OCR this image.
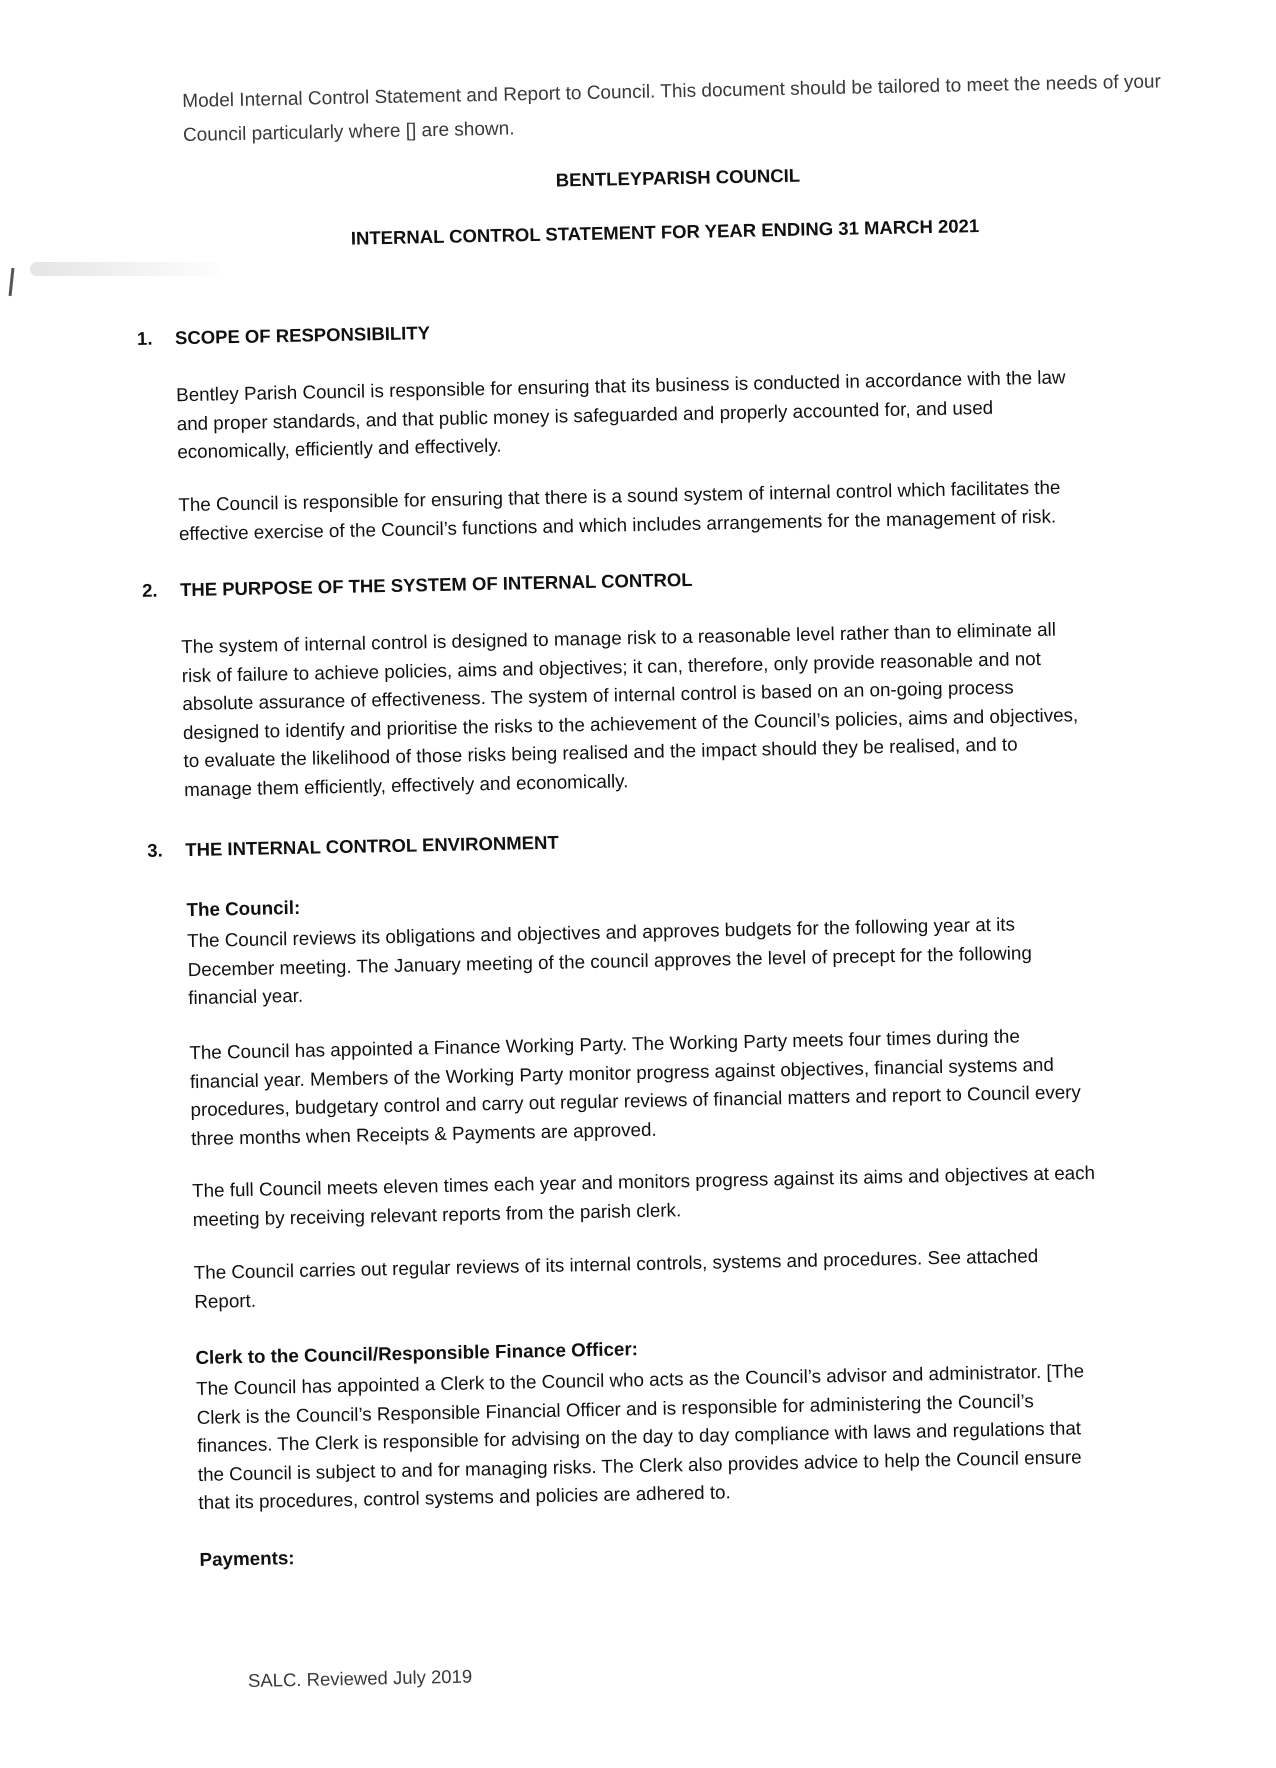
Model Internal Control Statement and Report to Council. This document should be tailored to meet the needs of your Council particularly where [] are shown.
BENTLEYPARISH COUNCIL
INTERNAL CONTROL STATEMENT FOR YEAR ENDING 31 MARCH 2021
1.	SCOPE OF RESPONSIBILITY
Bentley Parish Council is responsible for ensuring that its business is conducted in accordance with the law and proper standards, and that public money is safeguarded and properly accounted for, and used economically, efficiently and effectively.
The Council is responsible for ensuring that there is a sound system of internal control which facilitates the effective exercise of the Council’s functions and which includes arrangements for the management of risk.
2.	THE PURPOSE OF THE SYSTEM OF INTERNAL CONTROL
The system of internal control is designed to manage risk to a reasonable level rather than to eliminate all risk of failure to achieve policies, aims and objectives; it can, therefore, only provide reasonable and not absolute assurance of effectiveness. The system of internal control is based on an on-going process designed to identify and prioritise the risks to the achievement of the Council’s policies, aims and objectives, to evaluate the likelihood of those risks being realised and the impact should they be realised, and to manage them efficiently, effectively and economically.
3.	THE INTERNAL CONTROL ENVIRONMENT
The Council:
The Council reviews its obligations and objectives and approves budgets for the following year at its December meeting. The January meeting of the council approves the level of precept for the following financial year.
The Council has appointed a Finance Working Party. The Working Party meets four times during the financial year. Members of the Working Party monitor progress against objectives, financial systems and procedures, budgetary control and carry out regular reviews of financial matters and report to Council every three months when Receipts & Payments are approved.
The full Council meets eleven times each year and monitors progress against its aims and objectives at each meeting by receiving relevant reports from the parish clerk.
The Council carries out regular reviews of its internal controls, systems and procedures. See attached Report.
Clerk to the Council/Responsible Finance Officer:
The Council has appointed a Clerk to the Council who acts as the Council’s advisor and administrator. [The Clerk is the Council’s Responsible Financial Officer and is responsible for administering the Council’s finances. The Clerk is responsible for advising on the day to day compliance with laws and regulations that the Council is subject to and for managing risks. The Clerk also provides advice to help the Council ensure that its procedures, control systems and policies are adhered to.
Payments:
SALC. Reviewed July 2019
